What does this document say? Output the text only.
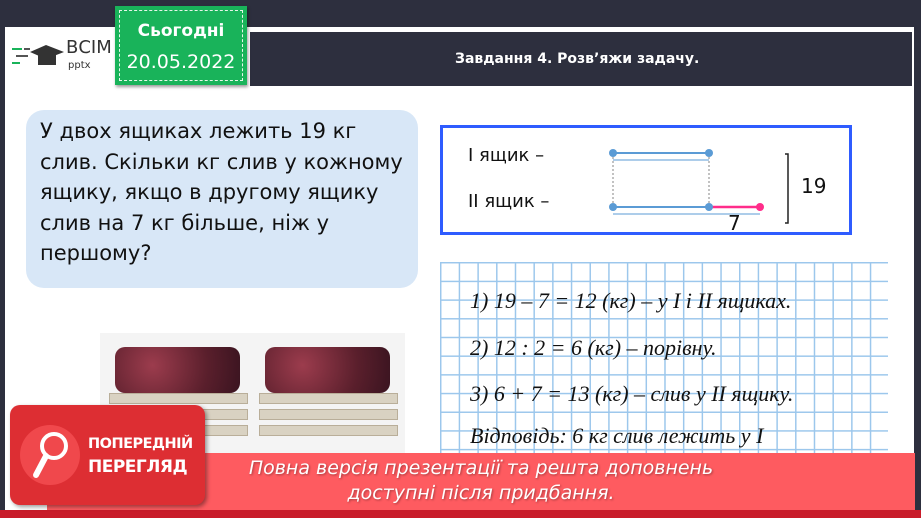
Завдання 4. Розв’яжи задачу.
ВСІМ
pptx
Сьогодні
20.05.2022
У двох ящиках лежить 19 кг слив. Скільки кг слив у кожному ящику, якщо в другому ящику слив на 7 кг більше, ніж у першому?
I ящик –
II ящик –
7
19
1) 19 – 7 = 12 (кг) – у I і II ящиках.
2) 12 : 2 = 6 (кг) – порівну.
3) 6 + 7 = 13 (кг) – слив у II ящику.
Відповідь: 6 кг слив лежить у I
Повна версія презентації та решта доповнень
доступні після придбання.
ПОПЕРЕДНІЙ
ПЕРЕГЛЯД
